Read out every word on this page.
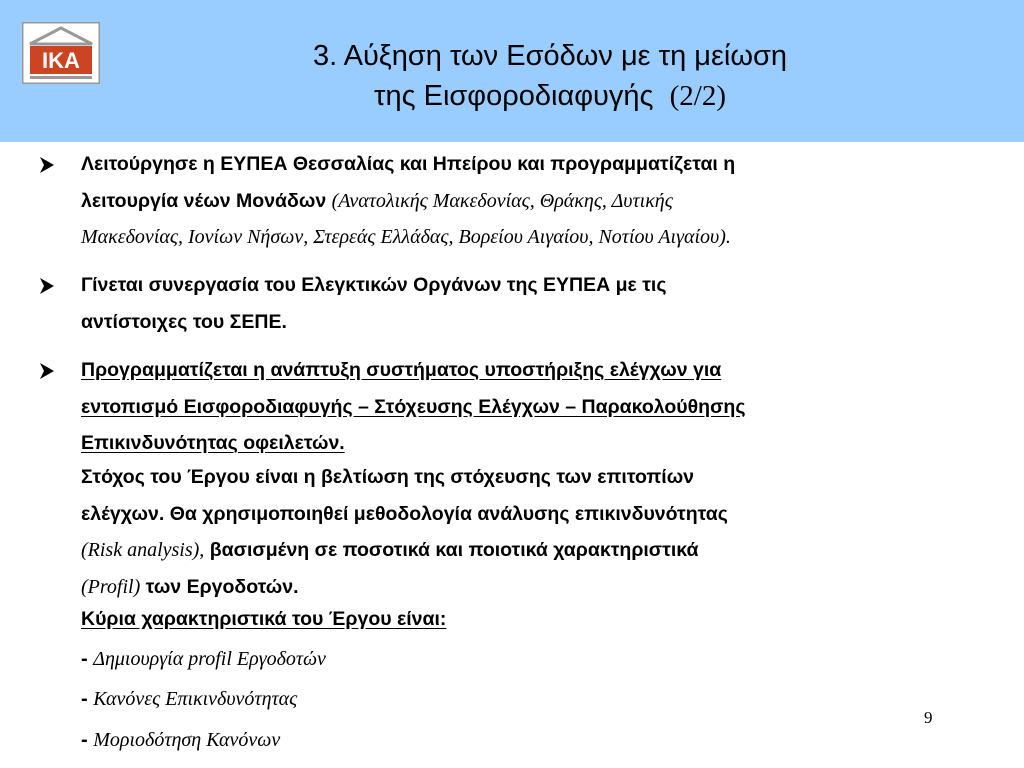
IKA	3. Αύξηση των Εσόδων με τη μείωση
της Εισφοροδιαφυγής (2/2)
Λειτούργησε η ΕΥΠΕΑ Θεσσαλίας και Ηπείρου και προγραμματίζεται η
λειτουργία νέων Μονάδων (Ανατολικής Μακεδονίας, Θράκης, Δυτικής
Μακεδονίας, Ιονίων Νήσων, Στερεάς Ελλάδας, Βορείου Αιγαίου, Νοτίου Αιγαίου).
Γίνεται συνεργασία του Ελεγκτικών Οργάνων της ΕΥΠΕΑ με τις
αντίστοιχες του ΣΕΠΕ.
Προγραμματίζεται η ανάπτυξη συστήματος υποστήριξης ελέγχων για
εντοπισμό Εισφοροδιαφυγής – Στόχευσης Ελέγχων – Παρακολούθησης
Επικινδυνότητας οφειλετών.
Στόχος του Έργου είναι η βελτίωση της στόχευσης των επιτοπίων
ελέγχων. Θα χρησιμοποιηθεί μεθοδολογία ανάλυσης επικινδυνότητας
(Risk analysis), βασισμένη σε ποσοτικά και ποιοτικά χαρακτηριστικά
(Profil) των Εργοδοτών.
Κύρια χαρακτηριστικά του Έργου είναι:
- Δημιουργία profil Εργοδοτών
- Κανόνες Επικινδυνότητας
- Μοριοδότηση Κανόνων
9
